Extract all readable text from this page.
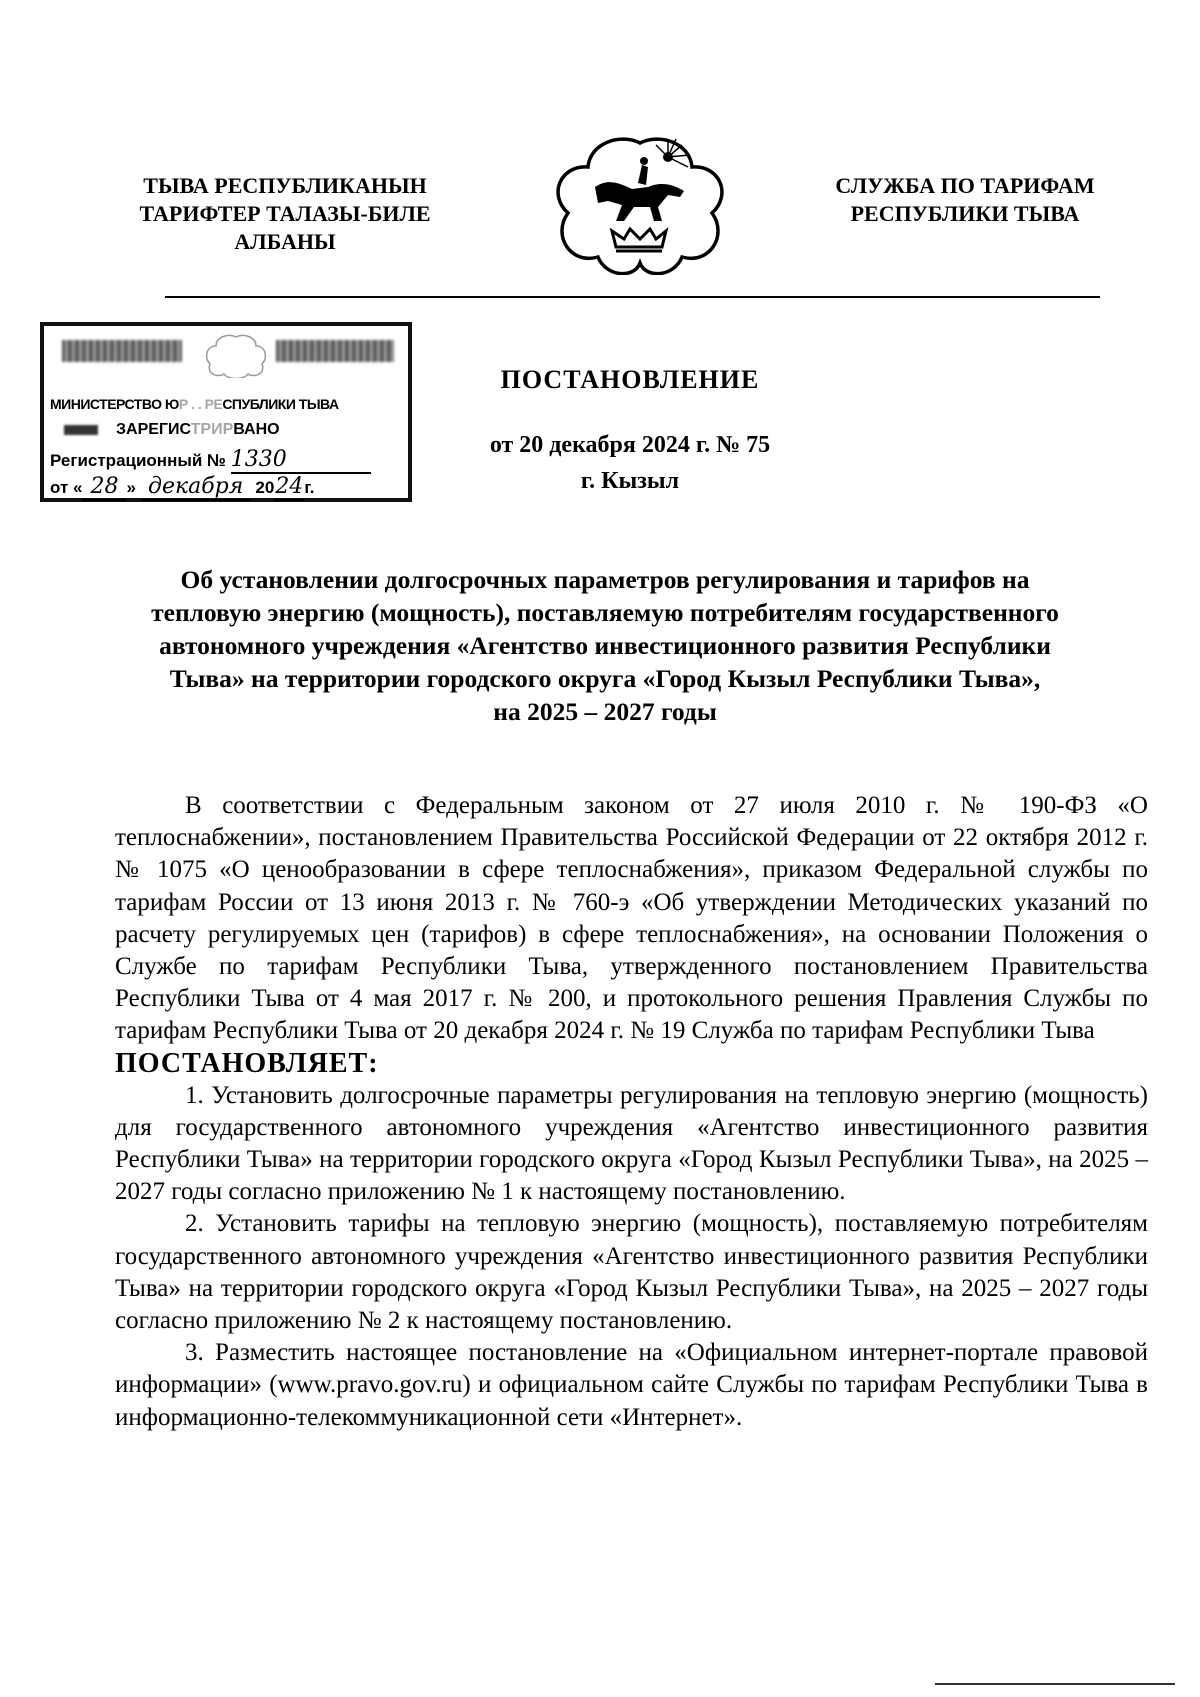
ТЫВА РЕСПУБЛИКАНЫН
ТАРИФТЕР ТАЛАЗЫ-БИЛЕ
АЛБАНЫ
СЛУЖБА ПО ТАРИФАМ
РЕСПУБЛИКИ ТЫВА
МИНИСТЕРСТВО ЮР . . РЕСПУБЛИКИ ТЫВА
ЗАРЕГИСТРИРВАНО
Регистрационный № 1330
от « 28 » декабря 2024г.
ПОСТАНОВЛЕНИЕ
от 20 декабря 2024 г. № 75
г. Кызыл
Об установлении долгосрочных параметров регулирования и тарифов на
тепловую энергию (мощность), поставляемую потребителям государственного
автономного учреждения «Агентство инвестиционного развития Республики
Тыва» на территории городского округа «Город Кызыл Республики Тыва»,
на 2025 – 2027 годы

В соответствии с Федеральным законом от 27 июля 2010 г. № 190-ФЗ «О теплоснабжении», постановлением Правительства Российской Федерации от 22 октября 2012 г. № 1075 «О ценообразовании в сфере теплоснабжения», приказом Федеральной службы по тарифам России от 13 июня 2013 г. № 760-э «Об утверждении Методических указаний по расчету регулируемых цен (тарифов) в сфере теплоснабжения», на основании Положения о Службе по тарифам Республики Тыва, утвержденного постановлением Правительства Республики Тыва от 4 мая 2017 г. № 200, и протокольного решения Правления Службы по тарифам Республики Тыва от 20 декабря 2024 г. № 19 Служба по тарифам Республики Тыва

ПОСТАНОВЛЯЕТ:

1. Установить долгосрочные параметры регулирования на тепловую энергию (мощность) для государственного автономного учреждения «Агентство инвестиционного развития Республики Тыва» на территории городского округа «Город Кызыл Республики Тыва», на 2025 – 2027 годы согласно приложению № 1 к настоящему постановлению.

2. Установить тарифы на тепловую энергию (мощность), поставляемую потребителям государственного автономного учреждения «Агентство инвестиционного развития Республики Тыва» на территории городского округа «Город Кызыл Республики Тыва», на 2025 – 2027 годы согласно приложению № 2 к настоящему постановлению.

3. Разместить настоящее постановление на «Официальном интернет-портале правовой информации» (www.pravo.gov.ru) и официальном сайте Службы по тарифам Республики Тыва в информационно-телекоммуникационной сети «Интернет».
